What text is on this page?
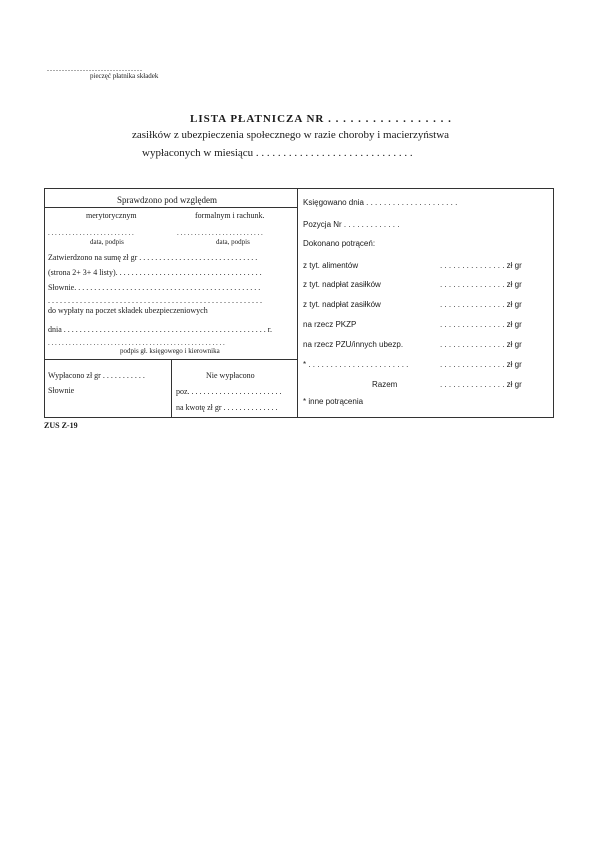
................................
pieczęć płatnika składek
LISTA PŁATNICZA NR . . . . . . . . . . . . . . . . .
zasiłków z ubezpieczenia społecznego w razie choroby i macierzyństwa
wypłaconych w miesiącu . . . . . . . . . . . . . . . . . . . . . . . . . . . . .
Sprawdzono pod względem
merytorycznym	formalnym i rachunk.
. . . . . . . . . . . . . . . . . . . . . . . . .	. . . . . . . . . . . . . . . . . . . . . . . . .
data, podpis	data, podpis
Zatwierdzono na sumę zł gr . . . . . . . . . . . . . . . . . . . . . . . . . . . . . .
(strona 2+ 3+ 4 listy). . . . . . . . . . . . . . . . . . . . . . . . . . . . . . . . . . . . .
Słownie. . . . . . . . . . . . . . . . . . . . . . . . . . . . . . . . . . . . . . . . . . . . . . .
. . . . . . . . . . . . . . . . . . . . . . . . . . . . . . . . . . . . . . . . . . . . . . . . . . . . . .
do wypłaty na poczet składek ubezpieczeniowych
dnia . . . . . . . . . . . . . . . . . . . . . . . . . . . . . . . . . . . . . . . . . . . . . . . . . . . r.
. . . . . . . . . . . . . . . . . . . . . . . . . . . . . . . . . . . . . . . . . . . . . . . . . . .
podpis gł. księgowego i kierownika
Wypłacono zł gr . . . . . . . . . . .
Słownie
Nie wypłacono
poz. . . . . . . . . . . . . . . . . . . . . . . .
na kwotę zł gr . . . . . . . . . . . . . .
Księgowano dnia . . . . . . . . . . . . . . . . . . . . .
Pozycja Nr . . . . . . . . . . . . .
Dokonano potrąceń:
z tyt. alimentów	. . . . . . . . . . . . . . . zł gr
z tyt. nadpłat zasiłków	. . . . . . . . . . . . . . . zł gr
z tyt. nadpłat zasiłków	. . . . . . . . . . . . . . . zł gr
na rzecz PKZP	. . . . . . . . . . . . . . . zł gr
na rzecz PZU/innych ubezp.	. . . . . . . . . . . . . . . zł gr
* . . . . . . . . . . . . . . . . . . . . . . .	. . . . . . . . . . . . . . . zł gr
Razem	. . . . . . . . . . . . . . . zł gr
* inne potrącenia
ZUS Z-19
